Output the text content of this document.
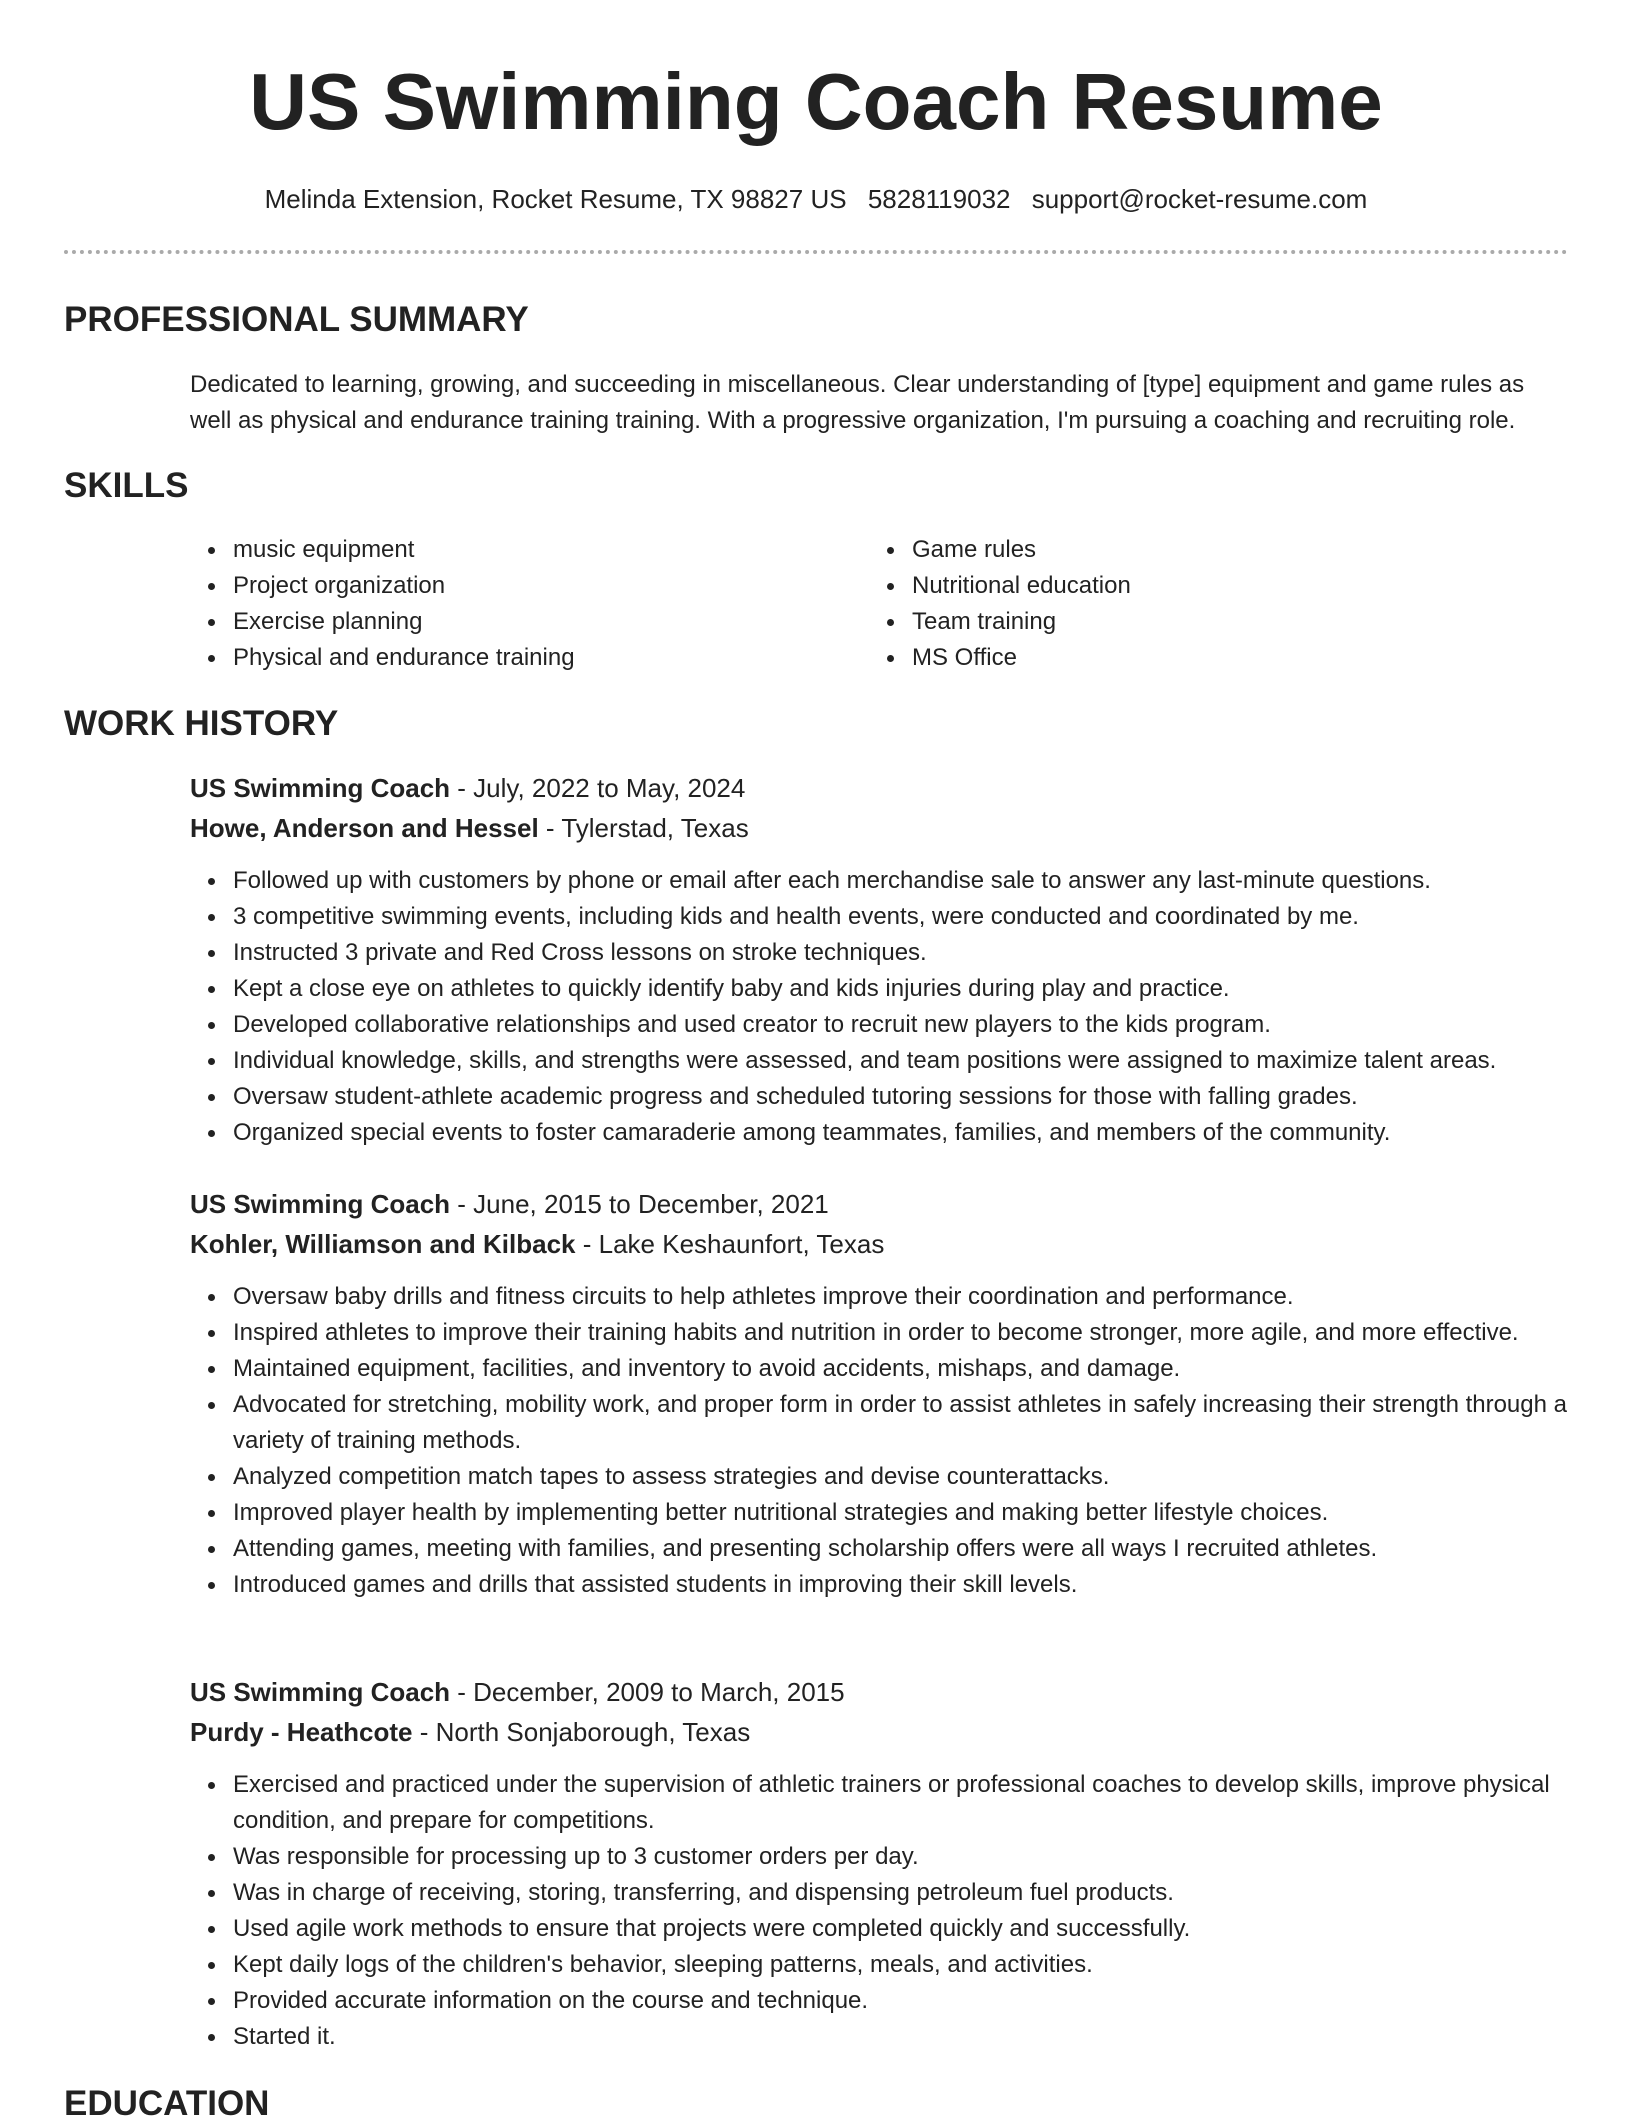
US Swimming Coach Resume
Melinda Extension, Rocket Resume, TX 98827 US 5828119032 support@rocket-resume.com
PROFESSIONAL SUMMARY

Dedicated to learning, growing, and succeeding in miscellaneous. Clear understanding of [type] equipment and game rules as well as physical and endurance training training. With a progressive organization, I'm pursuing a coaching and recruiting role.

SKILLS
music equipment
Project organization
Exercise planning
Physical and endurance training
Game rules
Nutritional education
Team training
MS Office
WORK HISTORY
US Swimming Coach - July, 2022 to May, 2024
Howe, Anderson and Hessel - Tylerstad, Texas
Followed up with customers by phone or email after each merchandise sale to answer any last-minute questions.
3 competitive swimming events, including kids and health events, were conducted and coordinated by me.
Instructed 3 private and Red Cross lessons on stroke techniques.
Kept a close eye on athletes to quickly identify baby and kids injuries during play and practice.
Developed collaborative relationships and used creator to recruit new players to the kids program.
Individual knowledge, skills, and strengths were assessed, and team positions were assigned to maximize talent areas.
Oversaw student-athlete academic progress and scheduled tutoring sessions for those with falling grades.
Organized special events to foster camaraderie among teammates, families, and members of the community.
US Swimming Coach - June, 2015 to December, 2021
Kohler, Williamson and Kilback - Lake Keshaunfort, Texas
Oversaw baby drills and fitness circuits to help athletes improve their coordination and performance.
Inspired athletes to improve their training habits and nutrition in order to become stronger, more agile, and more effective.
Maintained equipment, facilities, and inventory to avoid accidents, mishaps, and damage.
Advocated for stretching, mobility work, and proper form in order to assist athletes in safely increasing their strength through a variety of training methods.
Analyzed competition match tapes to assess strategies and devise counterattacks.
Improved player health by implementing better nutritional strategies and making better lifestyle choices.
Attending games, meeting with families, and presenting scholarship offers were all ways I recruited athletes.
Introduced games and drills that assisted students in improving their skill levels.
US Swimming Coach - December, 2009 to March, 2015
Purdy - Heathcote - North Sonjaborough, Texas
Exercised and practiced under the supervision of athletic trainers or professional coaches to develop skills, improve physical condition, and prepare for competitions.
Was responsible for processing up to 3 customer orders per day.
Was in charge of receiving, storing, transferring, and dispensing petroleum fuel products.
Used agile work methods to ensure that projects were completed quickly and successfully.
Kept daily logs of the children's behavior, sleeping patterns, meals, and activities.
Provided accurate information on the course and technique.
Started it.
EDUCATION
